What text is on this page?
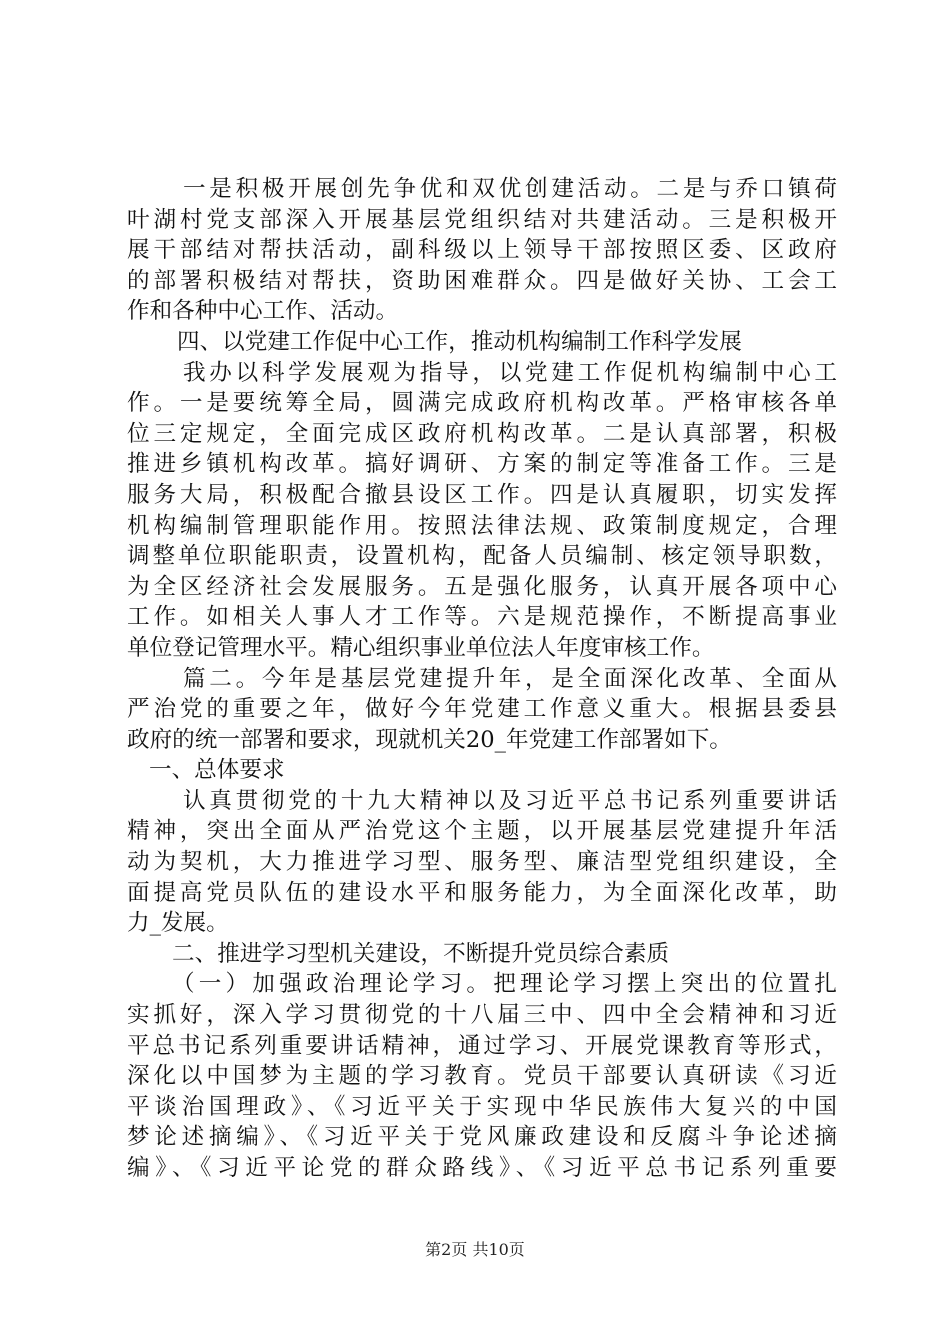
一是积极开展创先争优和双优创建活动。二是与乔口镇荷
叶湖村党支部深入开展基层党组织结对共建活动。三是积极开
展干部结对帮扶活动，副科级以上领导干部按照区委、区政府
的部署积极结对帮扶，资助困难群众。四是做好关协、工会工
作和各种中心工作、活动。
四、以党建工作促中心工作，推动机构编制工作科学发展
我办以科学发展观为指导，以党建工作促机构编制中心工
作。一是要统筹全局，圆满完成政府机构改革。严格审核各单
位三定规定，全面完成区政府机构改革。二是认真部署，积极
推进乡镇机构改革。搞好调研、方案的制定等准备工作。三是
服务大局，积极配合撤县设区工作。四是认真履职，切实发挥
机构编制管理职能作用。按照法律法规、政策制度规定，合理
调整单位职能职责，设置机构，配备人员编制、核定领导职数，
为全区经济社会发展服务。五是强化服务，认真开展各项中心
工作。如相关人事人才工作等。六是规范操作，不断提高事业
单位登记管理水平。精心组织事业单位法人年度审核工作。
篇二。今年是基层党建提升年，是全面深化改革、全面从
严治党的重要之年，做好今年党建工作意义重大。根据县委县
政府的统一部署和要求，现就机关20_年党建工作部署如下。
一、总体要求
认真贯彻党的十九大精神以及习近平总书记系列重要讲话
精神，突出全面从严治党这个主题，以开展基层党建提升年活
动为契机，大力推进学习型、服务型、廉洁型党组织建设，全
面提高党员队伍的建设水平和服务能力，为全面深化改革，助
力_发展。
二、推进学习型机关建设，不断提升党员综合素质
（一）加强政治理论学习。把理论学习摆上突出的位置扎
实抓好，深入学习贯彻党的十八届三中、四中全会精神和习近
平总书记系列重要讲话精神，通过学习、开展党课教育等形式，
深化以中国梦为主题的学习教育。党员干部要认真研读《习近
平谈治国理政》、《习近平关于实现中华民族伟大复兴的中国
梦论述摘编》、《习近平关于党风廉政建设和反腐斗争论述摘
编》、《习近平论党的群众路线》、《习近平总书记系列重要
第2页 共10页
